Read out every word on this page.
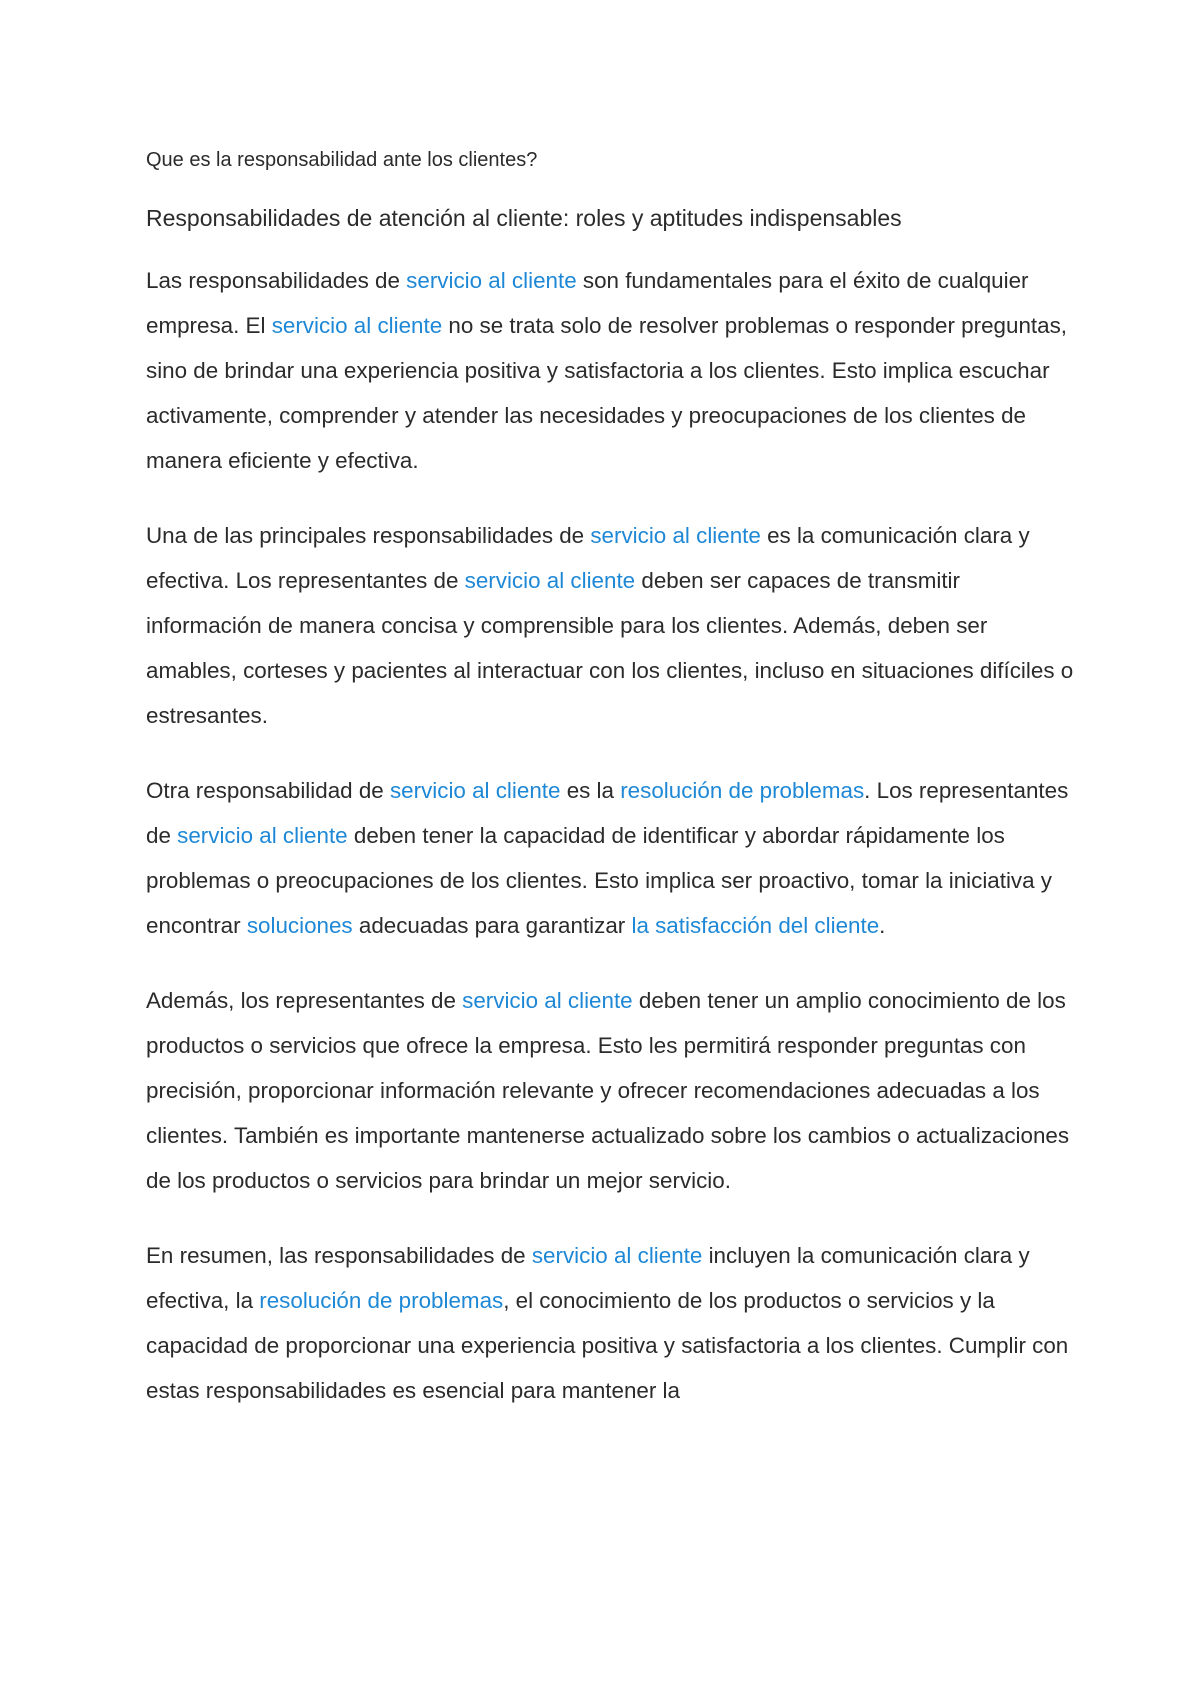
Que es la responsabilidad ante los clientes?

Responsabilidades de atención al cliente: roles y aptitudes indispensables

Las responsabilidades de servicio al cliente son fundamentales para el éxito de cualquier empresa. El servicio al cliente no se trata solo de resolver problemas o responder preguntas, sino de brindar una experiencia positiva y satisfactoria a los clientes. Esto implica escuchar activamente, comprender y atender las necesidades y preocupaciones de los clientes de manera eficiente y efectiva.

Una de las principales responsabilidades de servicio al cliente es la comunicación clara y efectiva. Los representantes de servicio al cliente deben ser capaces de transmitir información de manera concisa y comprensible para los clientes. Además, deben ser amables, corteses y pacientes al interactuar con los clientes, incluso en situaciones difíciles o estresantes.

Otra responsabilidad de servicio al cliente es la resolución de problemas. Los representantes de servicio al cliente deben tener la capacidad de identificar y abordar rápidamente los problemas o preocupaciones de los clientes. Esto implica ser proactivo, tomar la iniciativa y encontrar soluciones adecuadas para garantizar la satisfacción del cliente.

Además, los representantes de servicio al cliente deben tener un amplio conocimiento de los productos o servicios que ofrece la empresa. Esto les permitirá responder preguntas con precisión, proporcionar información relevante y ofrecer recomendaciones adecuadas a los clientes. También es importante mantenerse actualizado sobre los cambios o actualizaciones de los productos o servicios para brindar un mejor servicio.

En resumen, las responsabilidades de servicio al cliente incluyen la comunicación clara y efectiva, la resolución de problemas, el conocimiento de los productos o servicios y la capacidad de proporcionar una experiencia positiva y satisfactoria a los clientes. Cumplir con estas responsabilidades es esencial para mantener la
